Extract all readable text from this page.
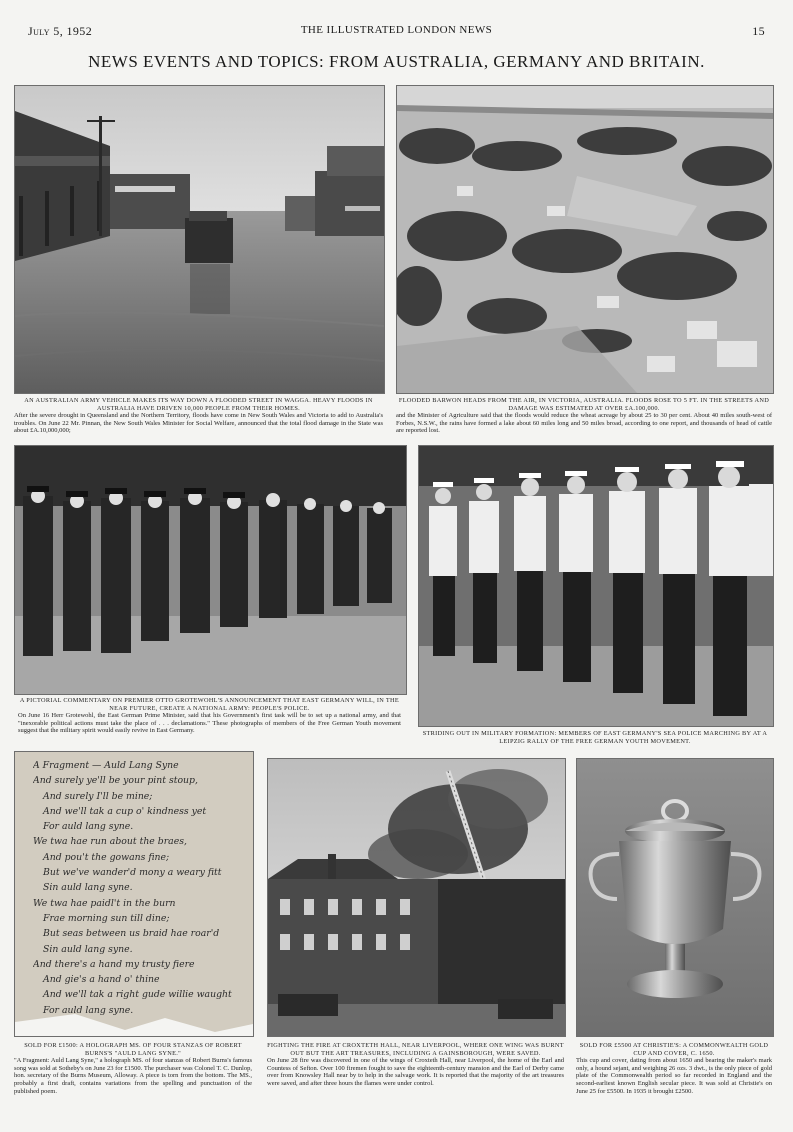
July 5, 1952	THE ILLUSTRATED LONDON NEWS	15
NEWS EVENTS AND TOPICS: FROM AUSTRALIA, GERMANY AND BRITAIN.
AN AUSTRALIAN ARMY VEHICLE MAKES ITS WAY DOWN A FLOODED STREET IN WAGGA. HEAVY FLOODS IN AUSTRALIA HAVE DRIVEN 10,000 PEOPLE FROM THEIR HOMES.
After the severe drought in Queensland and the Northern Territory, floods have come in New South Wales and Victoria to add to Australia's troubles. On June 22 Mr. Pinnan, the New South Wales Minister for Social Welfare, announced that the total flood damage in the State was about £A.10,000,000;
FLOODED BARWON HEADS FROM THE AIR, IN VICTORIA, AUSTRALIA. FLOODS ROSE TO 5 FT. IN THE STREETS AND DAMAGE WAS ESTIMATED AT OVER £A.100,000.
and the Minister of Agriculture said that the floods would reduce the wheat acreage by about 25 to 30 per cent. About 40 miles south-west of Forbes, N.S.W., the rains have formed a lake about 60 miles long and 50 miles broad, according to one report, and thousands of head of cattle are reported lost.
A PICTORIAL COMMENTARY ON PREMIER OTTO GROTEWOHL'S ANNOUNCEMENT THAT EAST GERMANY WILL, IN THE NEAR FUTURE, CREATE A NATIONAL ARMY: PEOPLE'S POLICE.
On June 16 Herr Grotewohl, the East German Prime Minister, said that his Government's first task will be to set up a national army, and that "inexorable political actions must take the place of . . . declamations." These photographs of members of the Free German Youth movement suggest that the military spirit would easily revive in East Germany.	STRIDING OUT IN MILITARY FORMATION: MEMBERS OF EAST GERMANY'S SEA POLICE MARCHING BY AT A LEIPZIG RALLY OF THE FREE GERMAN YOUTH MOVEMENT.
A Fragment — Auld Lang Syne
And surely ye'll be your pint stoup,
And surely I'll be mine;
And we'll tak a cup o' kindness yet
For auld lang syne.
We twa hae run about the braes,
And pou't the gowans fine;
But we've wander'd mony a weary fitt
Sin auld lang syne.
We twa hae paidl't in the burn
Frae morning sun till dine;
But seas between us braid hae roar'd
Sin auld lang syne.
And there's a hand my trusty fiere
And gie's a hand o' thine
And we'll tak a right gude willie waught
For auld lang syne.
SOLD FOR £1500: A HOLOGRAPH MS. OF FOUR STANZAS OF ROBERT BURNS'S "AULD LANG SYNE."
"A Fragment: Auld Lang Syne," a holograph MS. of four stanzas of Robert Burns's famous song was sold at Sotheby's on June 23 for £1500. The purchaser was Colonel T. C. Dunlop, hon. secretary of the Burns Museum, Alloway. A piece is torn from the bottom. The MS., probably a first draft, contains variations from the spelling and punctuation of the published poem.
FIGHTING THE FIRE AT CROXTETH HALL, NEAR LIVERPOOL, WHERE ONE WING WAS BURNT OUT BUT THE ART TREASURES, INCLUDING A GAINSBOROUGH, WERE SAVED.
On June 28 fire was discovered in one of the wings of Croxteth Hall, near Liverpool, the home of the Earl and Countess of Sefton. Over 100 firemen fought to save the eighteenth-century mansion and the Earl of Derby came over from Knowsley Hall near by to help in the salvage work. It is reported that the majority of the art treasures were saved, and after three hours the flames were under control.
SOLD FOR £5500 AT CHRISTIE'S: A COMMONWEALTH GOLD CUP AND COVER, C. 1650.
This cup and cover, dating from about 1650 and bearing the maker's mark only, a hound sejant, and weighing 26 ozs. 3 dwt., is the only piece of gold plate of the Commonwealth period so far recorded in England and the second-earliest known English secular piece. It was sold at Christie's on June 25 for £5500. In 1935 it brought £2500.
